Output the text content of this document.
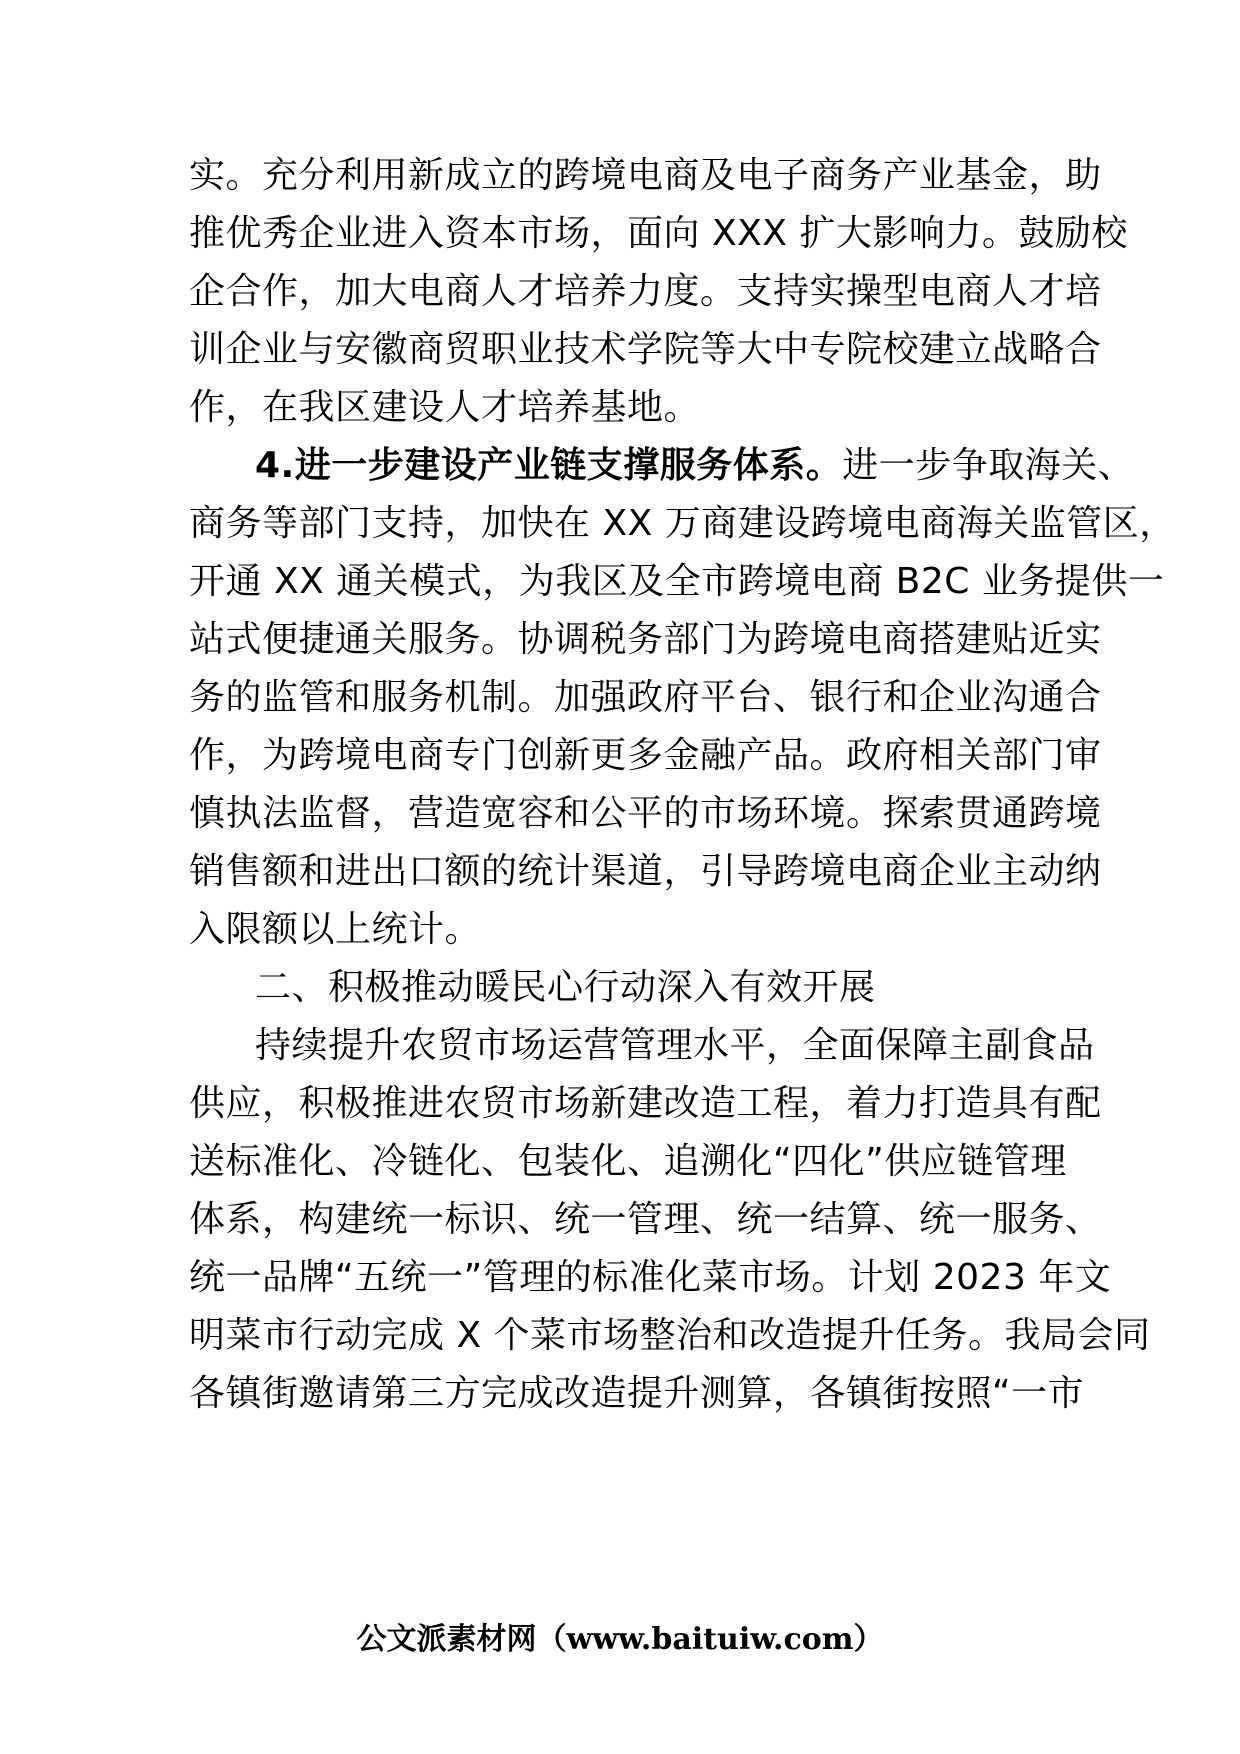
实。充分利用新成立的跨境电商及电子商务产业基金，助
推优秀企业进入资本市场，面向 XXX 扩大影响力。鼓励校
企合作，加大电商人才培养力度。支持实操型电商人才培
训企业与安徽商贸职业技术学院等大中专院校建立战略合
作，在我区建设人才培养基地。
4.进一步建设产业链支撑服务体系。进一步争取海关、
商务等部门支持，加快在 XX 万商建设跨境电商海关监管区，
开通 XX 通关模式，为我区及全市跨境电商 B2C 业务提供一
站式便捷通关服务。协调税务部门为跨境电商搭建贴近实
务的监管和服务机制。加强政府平台、银行和企业沟通合
作，为跨境电商专门创新更多金融产品。政府相关部门审
慎执法监督，营造宽容和公平的市场环境。探索贯通跨境
销售额和进出口额的统计渠道，引导跨境电商企业主动纳
入限额以上统计。
二、积极推动暖民心行动深入有效开展
持续提升农贸市场运营管理水平，全面保障主副食品
供应，积极推进农贸市场新建改造工程，着力打造具有配
送标准化、冷链化、包装化、追溯化“四化”供应链管理
体系，构建统一标识、统一管理、统一结算、统一服务、
统一品牌“五统一”管理的标准化菜市场。计划 2023 年文
明菜市行动完成 X 个菜市场整治和改造提升任务。我局会同
各镇街邀请第三方完成改造提升测算，各镇街按照“一市
公文派素材网（www.baituiw.com）
